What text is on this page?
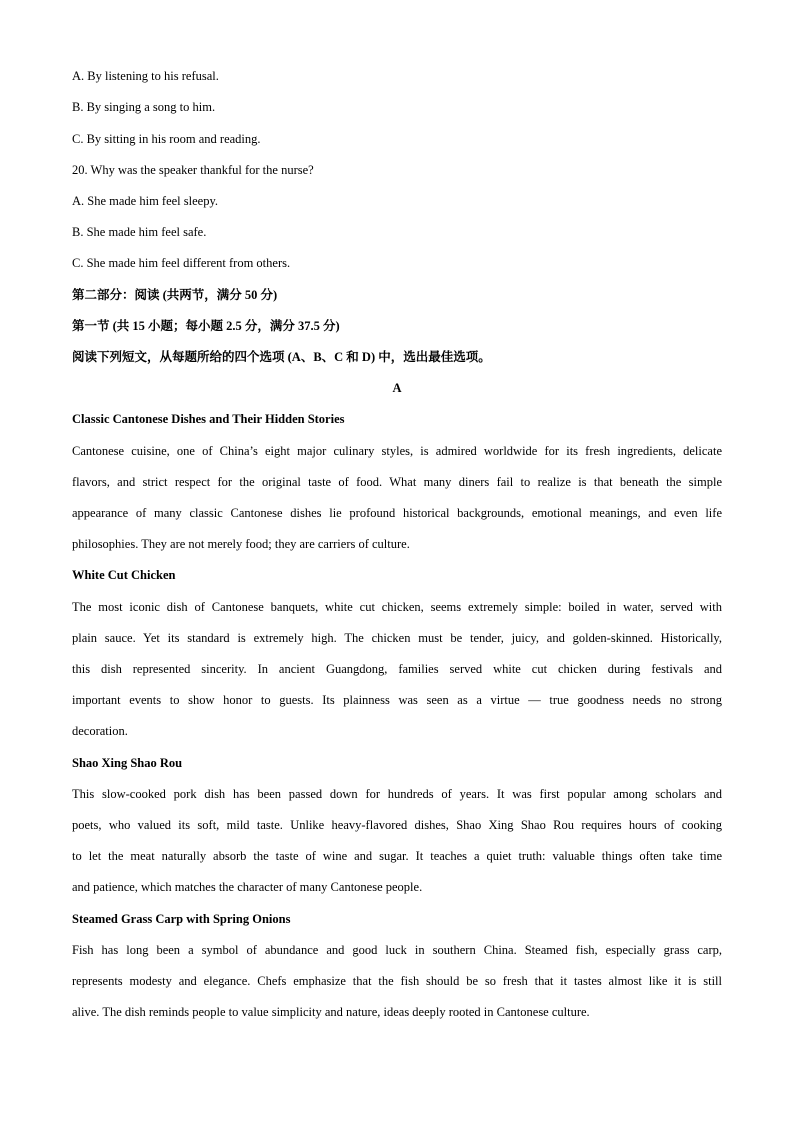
A. By listening to his refusal.
B. By singing a song to him.
C. By sitting in his room and reading.
20. Why was the speaker thankful for the nurse?
A. She made him feel sleepy.
B. She made him feel safe.
C. She made him feel different from others.
第二部分：阅读 (共两节，满分 50 分)
第一节 (共 15 小题；每小题 2.5 分，满分 37.5 分)
阅读下列短文，从每题所给的四个选项 (A、B、C 和 D) 中，选出最佳选项。
A
Classic Cantonese Dishes and Their Hidden Stories
Cantonese cuisine, one of China’s eight major culinary styles, is admired worldwide for its fresh ingredients, delicate
flavors, and strict respect for the original taste of food. What many diners fail to realize is that beneath the simple
appearance of many classic Cantonese dishes lie profound historical backgrounds, emotional meanings, and even life
philosophies. They are not merely food; they are carriers of culture.
White Cut Chicken
The most iconic dish of Cantonese banquets, white cut chicken, seems extremely simple: boiled in water, served with
plain sauce. Yet its standard is extremely high. The chicken must be tender, juicy, and golden-skinned. Historically,
this dish represented sincerity. In ancient Guangdong, families served white cut chicken during festivals and
important events to show honor to guests. Its plainness was seen as a virtue — true goodness needs no strong
decoration.
Shao Xing Shao Rou
This slow-cooked pork dish has been passed down for hundreds of years. It was first popular among scholars and
poets, who valued its soft, mild taste. Unlike heavy-flavored dishes, Shao Xing Shao Rou requires hours of cooking
to let the meat naturally absorb the taste of wine and sugar. It teaches a quiet truth: valuable things often take time
and patience, which matches the character of many Cantonese people.
Steamed Grass Carp with Spring Onions
Fish has long been a symbol of abundance and good luck in southern China. Steamed fish, especially grass carp,
represents modesty and elegance. Chefs emphasize that the fish should be so fresh that it tastes almost like it is still
alive. The dish reminds people to value simplicity and nature, ideas deeply rooted in Cantonese culture.
